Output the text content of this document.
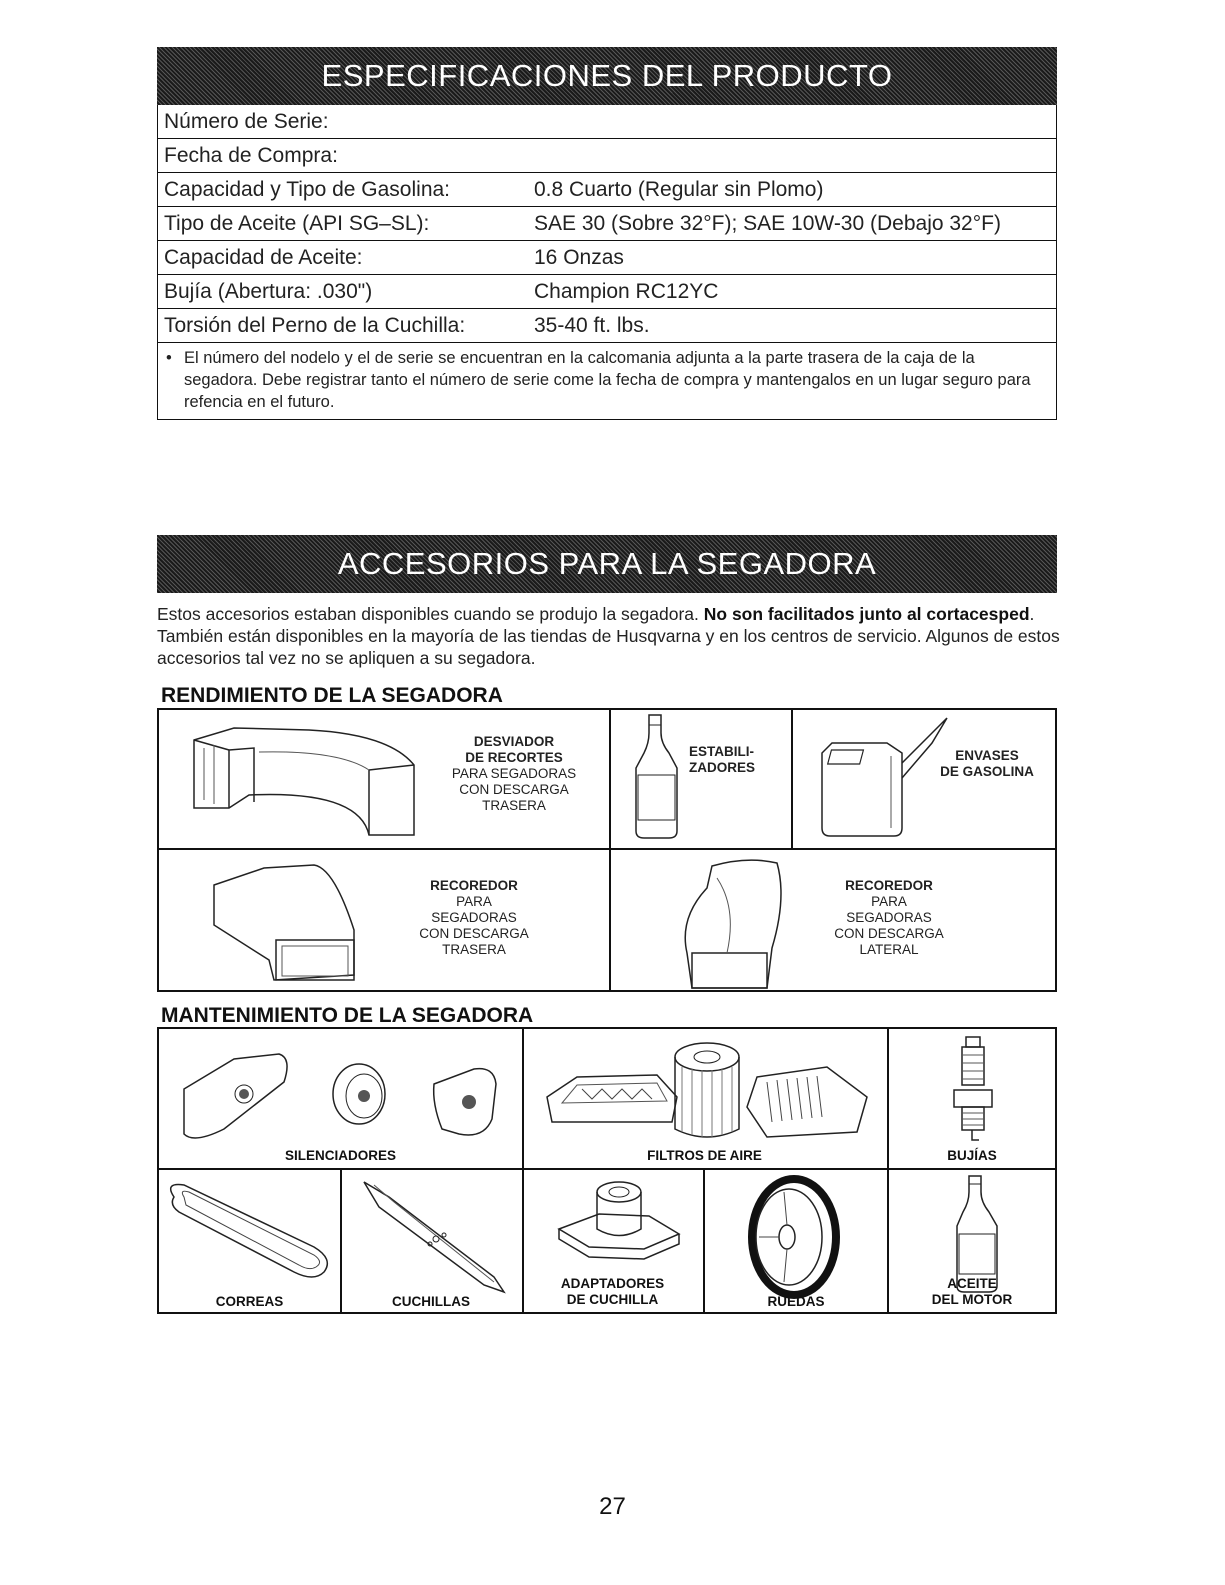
ESPECIFICACIONES DEL PRODUCTO
Número de Serie:
Fecha de Compra:
Capacidad y Tipo de Gasolina:	0.8 Cuarto (Regular sin Plomo)
Tipo de Aceite (API SG–SL):	SAE 30 (Sobre 32°F); SAE 10W-30 (Debajo 32°F)
Capacidad de Aceite:	16 Onzas
Bujía (Abertura: .030")	Champion RC12YC
Torsión del Perno de la Cuchilla:	35-40 ft. lbs.
• El número del nodelo y el de serie se encuentran en la calcomania adjunta a la parte trasera de la caja de la segadora. Debe registrar tanto el número de serie come la fecha de compra y mantengalos en un lugar seguro para refencia en el futuro.
ACCESORIOS PARA LA SEGADORA
Estos accesorios estaban disponibles cuando se produjo la segadora. No son facilitados junto al cortacesped. También están disponibles en la mayoría de las tiendas de Husqvarna y en los centros de servicio. Algunos de estos accesorios tal vez no se apliquen a su segadora.
RENDIMIENTO DE LA SEGADORA
DESVIADOR
DE RECORTES
PARA SEGADORAS
CON DESCARGA
TRASERA
ESTABILI-
ZADORES
ENVASES
DE GASOLINA
RECOREDOR
PARA
SEGADORAS
CON DESCARGA
TRASERA
RECOREDOR
PARA
SEGADORAS
CON DESCARGA
LATERAL
MANTENIMIENTO DE LA SEGADORA
SILENCIADORES	FILTROS DE AIRE	BUJÍAS
CORREAS	CUCHILLAS
ADAPTADORES
DE CUCHILLA	RUEDAS
ACEITE
DEL MOTOR
27
